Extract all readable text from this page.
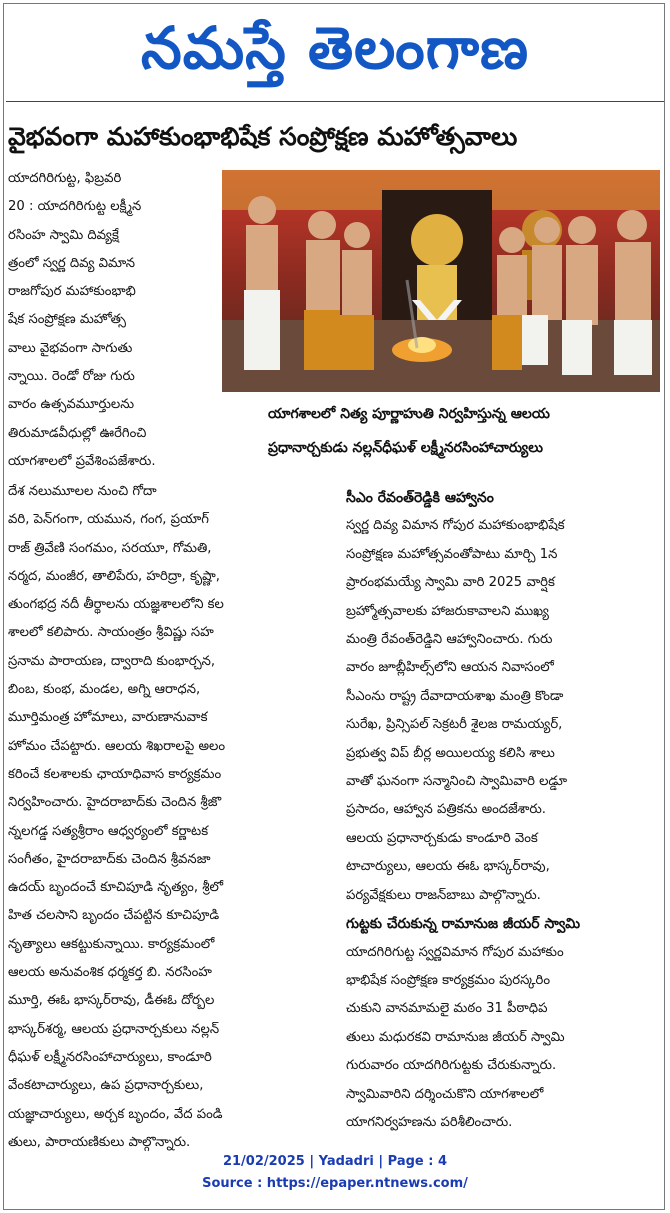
నమస్తే తెలంగాణ
వైభవంగా మహాకుంభాభిషేక సంప్రోక్షణ మహోత్సవాలు
యాగశాలలో నిత్య పూర్ణాహుతి నిర్వహిస్తున్న ఆలయ
ప్రధానార్చకుడు నల్లన్‌ధీఘళ్ లక్ష్మీనరసింహాచార్యులు
యాదగిరిగుట్ట, ఫిబ్రవరి
20 : యాదగిరిగుట్ట లక్ష్మీన
రసింహ స్వామి దివ్యక్షే
త్రంలో స్వర్ణ దివ్య విమాన
రాజగోపుర మహాకుంభాభి
షేక సంప్రోక్షణ మహోత్స
వాలు వైభవంగా సాగుతు
న్నాయి. రెండో రోజు గురు
వారం ఉత్సవమూర్తులను
తిరుమాడవీధుల్లో ఊరేగించి
యాగశాలలో ప్రవేశింపజేశారు.
దేశ నలుమూలల నుంచి గోదా
వరి, పెన్‌గంగా, యమున, గంగ, ప్రయాగ్
రాజ్ త్రివేణి సంగమం, సరయూ, గోమతి,
నర్మద, మంజీర, తాలిపేరు, హరిద్రా, కృష్ణా,
తుంగభద్ర నదీ తీర్థాలను యజ్ఞశాలలోని కల
శాలలో కలిపారు. సాయంత్రం శ్రీవిష్ణు సహ
స్రనామ పారాయణ, ద్వారాది కుంభార్చన,
బింబ, కుంభ, మండల, అగ్ని ఆరాధన,
మూర్తిమంత్ర హోమాలు, వారుణానువాక
హోమం చేపట్టారు. ఆలయ శిఖరాలపై అలం
కరించే కలశాలకు ఛాయాధివాస కార్యక్రమం
నిర్వహించారు. హైదరాబాద్‌కు చెందిన శ్రీజొ
న్నలగడ్డ సత్యశ్రీరాం ఆధ్వర్యంలో కర్ణాటక
సంగీతం, హైదరాబాద్‌కు చెందిన శ్రీవనజా
ఉదయ్ బృందంచే కూచిపూడి నృత్యం, శ్రీలో
హిత చలసాని బృందం చేపట్టిన కూచిపూడి
నృత్యాలు ఆకట్టుకున్నాయి. కార్యక్రమంలో
ఆలయ అనువంశిక ధర్మకర్త బి. నరసింహ
మూర్తి, ఈఓ భాస్కర్‌రావు, డీఈఓ దోర్బల
భాస్కర్‌శర్మ, ఆలయ ప్రధానార్చకులు నల్లన్
ధీఘళ్ లక్ష్మీనరసింహాచార్యులు, కాండూరి
వేంకటాచార్యులు, ఉప ప్రధానార్చకులు,
యజ్ఞాచార్యులు, అర్చక బృందం, వేద పండి
తులు, పారాయణికులు పాల్గొన్నారు.
సీఎం రేవంత్‌రెడ్డికి ఆహ్వానం
స్వర్ణ దివ్య విమాన గోపుర మహాకుంభాభిషేక
సంప్రోక్షణ మహోత్సవంతోపాటు మార్చి 1న
ప్రారంభమయ్యే స్వామి వారి 2025 వార్షిక
బ్రహ్మోత్సవాలకు హాజరుకావాలని ముఖ్య
మంత్రి రేవంత్‌రెడ్డిని ఆహ్వానించారు. గురు
వారం జూబ్లీహిల్స్‌లోని ఆయన నివాసంలో
సీఎంను రాష్ట్ర దేవాదాయశాఖ మంత్రి కొండా
సురేఖ, ప్రిన్సిపల్ సెక్రటరీ శైలజ రామయ్యర్,
ప్రభుత్వ విప్ బీర్ల అయిలయ్య కలిసి శాలు
వాతో ఘనంగా సన్మానించి స్వామివారి లడ్డూ
ప్రసాదం, ఆహ్వాన పత్రికను అందజేశారు.
ఆలయ ప్రధానార్చకుడు కాండూరి వెంక
టాచార్యులు, ఆలయ ఈఓ భాస్కర్‌రావు,
పర్యవేక్షకులు రాజన్‌బాబు పాల్గొన్నారు.
గుట్టకు చేరుకున్న రామానుజ జీయర్ స్వామి
యాదగిరిగుట్ట స్వర్ణవిమాన గోపుర మహాకుం
భాభిషేక సంప్రోక్షణ కార్యక్రమం పురస్కరిం
చుకుని వానమామలై మఠం 31 పీఠాధిప
తులు మధురకవి రామానుజ జీయర్ స్వామి
గురువారం యాదగిరిగుట్టకు చేరుకున్నారు.
స్వామివారిని దర్శించుకొని యాగశాలలో
యాగనిర్వహణను పరిశీలించారు.
21/02/2025 | Yadadri | Page : 4
Source : https://epaper.ntnews.com/
